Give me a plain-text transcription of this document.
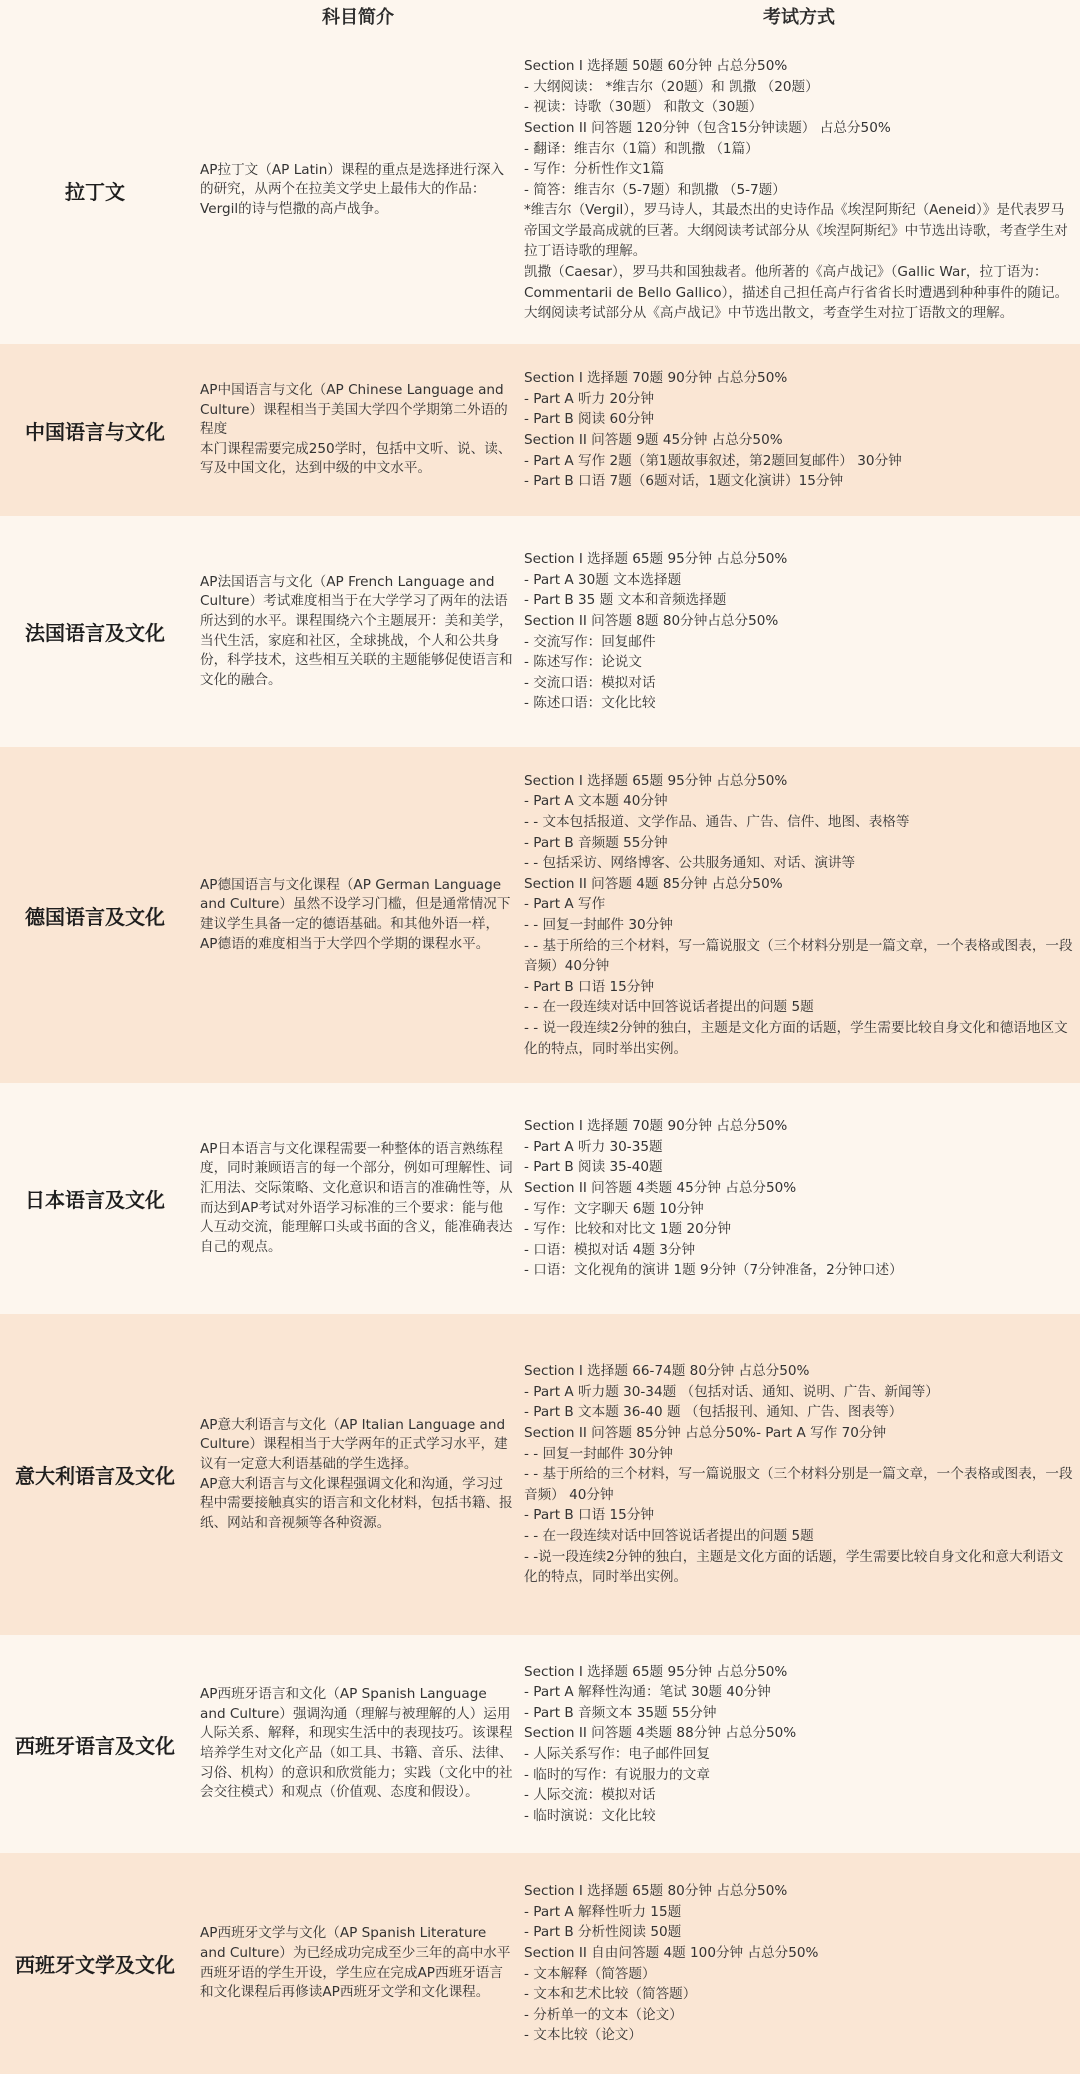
科目简介	考试方式
拉丁文
AP拉丁文（AP Latin）课程的重点是选择进行深入的研究，从两个在拉美文学史上最伟大的作品：Vergil的诗与恺撒的高卢战争。
Section I 选择题 50题 60分钟 占总分50%
- 大纲阅读： *维吉尔（20题）和 凯撒 （20题）
- 视读：诗歌（30题） 和散文（30题）
Section II 问答题 120分钟（包含15分钟读题） 占总分50%
- 翻译：维吉尔（1篇）和凯撒 （1篇）
- 写作：分析性作文1篇
- 简答：维吉尔（5-7题）和凯撒 （5-7题）
*维吉尔（Vergil），罗马诗人，其最杰出的史诗作品《埃涅阿斯纪（Aeneid）》是代表罗马帝国文学最高成就的巨著。大纲阅读考试部分从《埃涅阿斯纪》中节选出诗歌，考查学生对拉丁语诗歌的理解。
凯撒（Caesar），罗马共和国独裁者。他所著的《高卢战记》（Gallic War，拉丁语为：Commentarii de Bello Gallico），描述自己担任高卢行省省长时遭遇到种种事件的随记。大纲阅读考试部分从《高卢战记》中节选出散文，考查学生对拉丁语散文的理解。
中国语言与文化
AP中国语言与文化（AP Chinese Language and Culture）课程相当于美国大学四个学期第二外语的程度
本门课程需要完成250学时，包括中文听、说、读、写及中国文化，达到中级的中文水平。
Section I 选择题 70题 90分钟 占总分50%
- Part A 听力 20分钟
- Part B 阅读 60分钟
Section II 问答题 9题 45分钟 占总分50%
- Part A 写作 2题（第1题故事叙述，第2题回复邮件） 30分钟
- Part B 口语 7题（6题对话，1题文化演讲）15分钟
法国语言及文化
AP法国语言与文化（AP French Language and Culture）考试难度相当于在大学学习了两年的法语所达到的水平。课程围绕六个主题展开：美和美学，当代生活，家庭和社区，全球挑战，个人和公共身份，科学技术，这些相互关联的主题能够促使语言和文化的融合。
Section I 选择题 65题 95分钟 占总分50%
- Part A 30题 文本选择题
- Part B 35 题 文本和音频选择题
Section II 问答题 8题 80分钟占总分50%
- 交流写作：回复邮件
- 陈述写作：论说文
- 交流口语：模拟对话
- 陈述口语：文化比较
德国语言及文化
AP德国语言与文化课程（AP German Language and Culture）虽然不设学习门槛，但是通常情况下建议学生具备一定的德语基础。和其他外语一样，AP德语的难度相当于大学四个学期的课程水平。
Section I 选择题 65题 95分钟 占总分50%
- Part A 文本题 40分钟
- - 文本包括报道、文学作品、通告、广告、信件、地图、表格等
- Part B 音频题 55分钟
- - 包括采访、网络博客、公共服务通知、对话、演讲等
Section II 问答题 4题 85分钟 占总分50%
- Part A 写作
- - 回复一封邮件 30分钟
- - 基于所给的三个材料，写一篇说服文（三个材料分别是一篇文章，一个表格或图表，一段音频）40分钟
- Part B 口语 15分钟
- - 在一段连续对话中回答说话者提出的问题 5题
- - 说一段连续2分钟的独白，主题是文化方面的话题，学生需要比较自身文化和德语地区文化的特点，同时举出实例。
日本语言及文化
AP日本语言与文化课程需要一种整体的语言熟练程度，同时兼顾语言的每一个部分，例如可理解性、词汇用法、交际策略、文化意识和语言的准确性等，从而达到AP考试对外语学习标准的三个要求：能与他人互动交流，能理解口头或书面的含义，能准确表达自己的观点。
Section I 选择题 70题 90分钟 占总分50%
- Part A 听力 30-35题
- Part B 阅读 35-40题
Section II 问答题 4类题 45分钟 占总分50%
- 写作：文字聊天 6题 10分钟
- 写作：比较和对比文 1题 20分钟
- 口语：模拟对话 4题 3分钟
- 口语：文化视角的演讲 1题 9分钟（7分钟准备，2分钟口述）
意大利语言及文化
AP意大利语言与文化（AP Italian Language and Culture）课程相当于大学两年的正式学习水平，建议有一定意大利语基础的学生选择。
AP意大利语言与文化课程强调文化和沟通，学习过程中需要接触真实的语言和文化材料，包括书籍、报纸、网站和音视频等各种资源。
Section I 选择题 66-74题 80分钟 占总分50%
- Part A 听力题 30-34题 （包括对话、通知、说明、广告、新闻等）
- Part B 文本题 36-40 题 （包括报刊、通知、广告、图表等）
Section II 问答题 85分钟 占总分50%- Part A 写作 70分钟
- - 回复一封邮件 30分钟
- - 基于所给的三个材料，写一篇说服文（三个材料分别是一篇文章，一个表格或图表，一段音频） 40分钟
- Part B 口语 15分钟
- - 在一段连续对话中回答说话者提出的问题 5题
- -说一段连续2分钟的独白，主题是文化方面的话题，学生需要比较自身文化和意大利语文化的特点，同时举出实例。
西班牙语言及文化
AP西班牙语言和文化（AP Spanish Language and Culture）强调沟通（理解与被理解的人）运用人际关系、解释，和现实生活中的表现技巧。该课程培养学生对文化产品（如工具、书籍、音乐、法律、习俗、机构）的意识和欣赏能力；实践（文化中的社会交往模式）和观点（价值观、态度和假设）。
Section I 选择题 65题 95分钟 占总分50%
- Part A 解释性沟通：笔试 30题 40分钟
- Part B 音频文本 35题 55分钟
Section II 问答题 4类题 88分钟 占总分50%
- 人际关系写作：电子邮件回复
- 临时的写作：有说服力的文章
- 人际交流：模拟对话
- 临时演说：文化比较
西班牙文学及文化
AP西班牙文学与文化（AP Spanish Literature and Culture）为已经成功完成至少三年的高中水平西班牙语的学生开设，学生应在完成AP西班牙语言和文化课程后再修读AP西班牙文学和文化课程。
Section I 选择题 65题 80分钟 占总分50%
- Part A 解释性听力 15题
- Part B 分析性阅读 50题
Section II 自由问答题 4题 100分钟 占总分50%
- 文本解释（简答题）
- 文本和艺术比较（简答题）
- 分析单一的文本（论文）
- 文本比较（论文）
